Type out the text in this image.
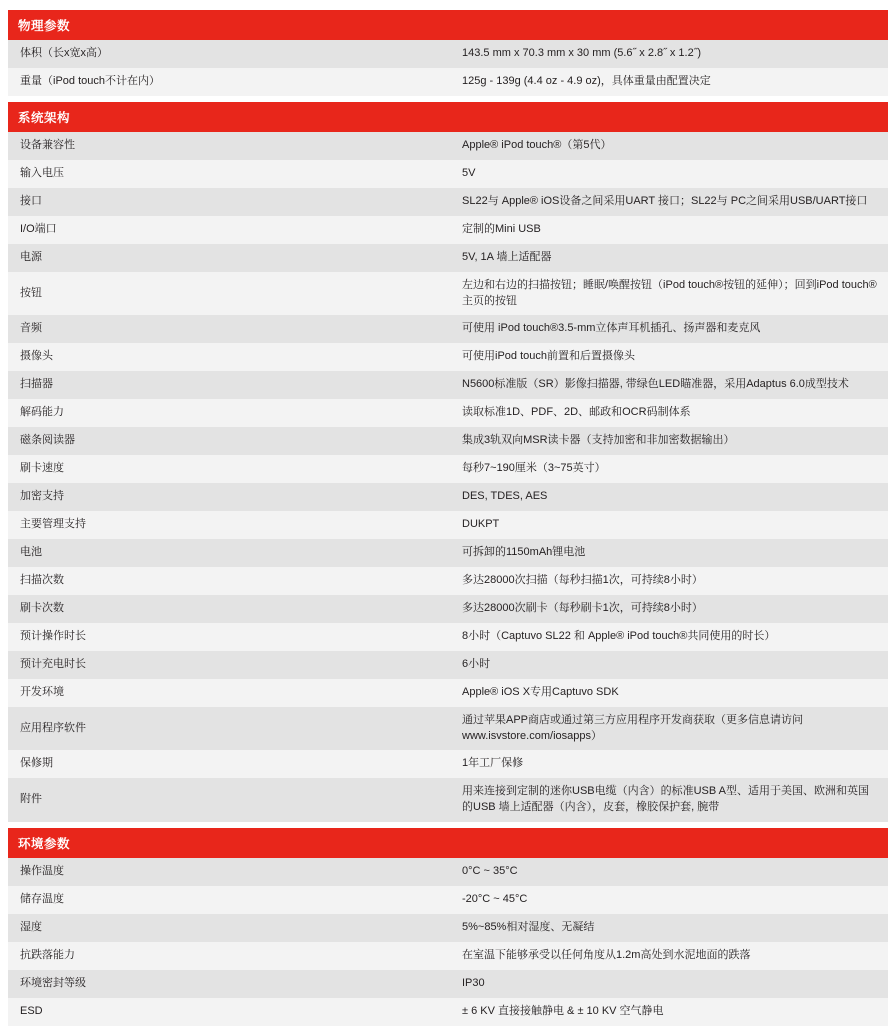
物理参数	
体积（长x宽x高）	143.5 mm x 70.3 mm x 30 mm (5.6˝ x 2.8˝ x 1.2˝)
重量（iPod touch不计在内）	125g - 139g (4.4 oz - 4.9 oz)，具体重量由配置决定

系统架构	
设备兼容性	Apple® iPod touch®（第5代）
输入电压	5V
接口	SL22与 Apple® iOS设备之间采用UART 接口；SL22与 PC之间采用USB/UART接口
I/O端口	定制的Mini USB
电源	5V, 1A 墙上适配器
按钮	左边和右边的扫描按钮；睡眠/唤醒按钮（iPod touch®按钮的延伸）；回到iPod touch®主页的按钮
音频	可使用 iPod touch®3.5-mm立体声耳机插孔、扬声器和麦克风
摄像头	可使用iPod touch前置和后置摄像头
扫描器	N5600标准版（SR）影像扫描器, 带绿色LED瞄准器，采用Adaptus 6.0成型技术
解码能力	读取标准1D、PDF、2D、邮政和OCR码制体系
磁条阅读器	集成3轨双向MSR读卡器（支持加密和非加密数据输出）
刷卡速度	每秒7~190厘米（3~75英寸）
加密支持	DES, TDES, AES
主要管理支持	DUKPT
电池	可拆卸的1150mAh锂电池
扫描次数	多达28000次扫描（每秒扫描1次，可持续8小时）
刷卡次数	多达28000次刷卡（每秒刷卡1次，可持续8小时）
预计操作时长	8小时（Captuvo SL22 和 Apple® iPod touch®共同使用的时长）
预计充电时长	6小时
开发环境	Apple® iOS X专用Captuvo SDK
应用程序软件	通过苹果APP商店或通过第三方应用程序开发商获取（更多信息请访问 www.isvstore.com/iosapps）
保修期	1年工厂保修
附件	用来连接到定制的迷你USB电缆（内含）的标准USB A型、适用于美国、欧洲和英国的USB 墙上适配器（内含），皮套，橡胶保护套, 腕带

环境参数	
操作温度	0°C ~ 35°C
储存温度	-20°C ~ 45°C
湿度	5%~85%相对湿度、无凝结
抗跌落能力	在室温下能够承受以任何角度从1.2m高处到水泥地面的跌落
环境密封等级	IP30
ESD	± 6 KV 直接接触静电 & ± 10 KV 空气静电
